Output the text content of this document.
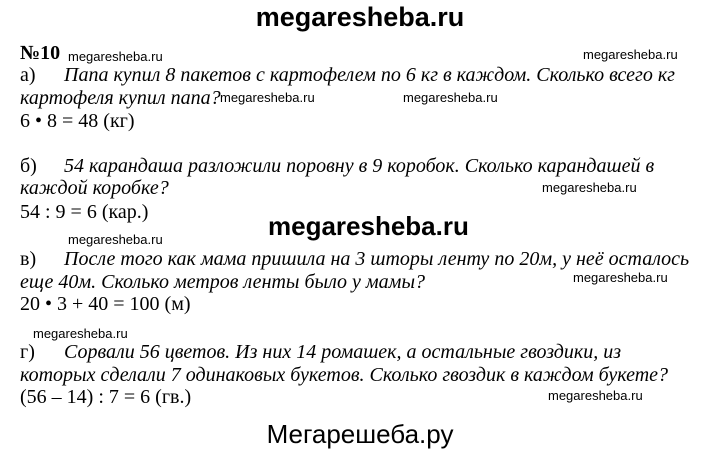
megaresheba.ru
№10 megaresheba.ru	megaresheba.ru
а) Папа купил 8 пакетов с картофелем по 6 кг в каждом. Сколько всего кг
картофеля купил папа? megaresheba.ru	megaresheba.ru
6 • 8 = 48 (кг)
б) 54 карандаша разложили поровну в 9 коробок. Сколько карандашей в
каждой коробке?	megaresheba.ru
54 : 9 = 6 (кар.)	megaresheba.ru
megaresheba.ru
в) После того как мама пришила на 3 шторы ленту по 20м, у неё осталось
megaresheba.ru
еще 40м. Сколько метров ленты было у мамы?
20 • 3 + 40 = 100 (м)
megaresheba.ru
г) Сорвали 56 цветов. Из них 14 ромашек, а остальные гвоздики, из
которых сделали 7 одинаковых букетов. Сколько гвоздик в каждом букете?
(56 – 14) : 7 = 6 (гв.)	megaresheba.ru
Мегарешеба.ру
